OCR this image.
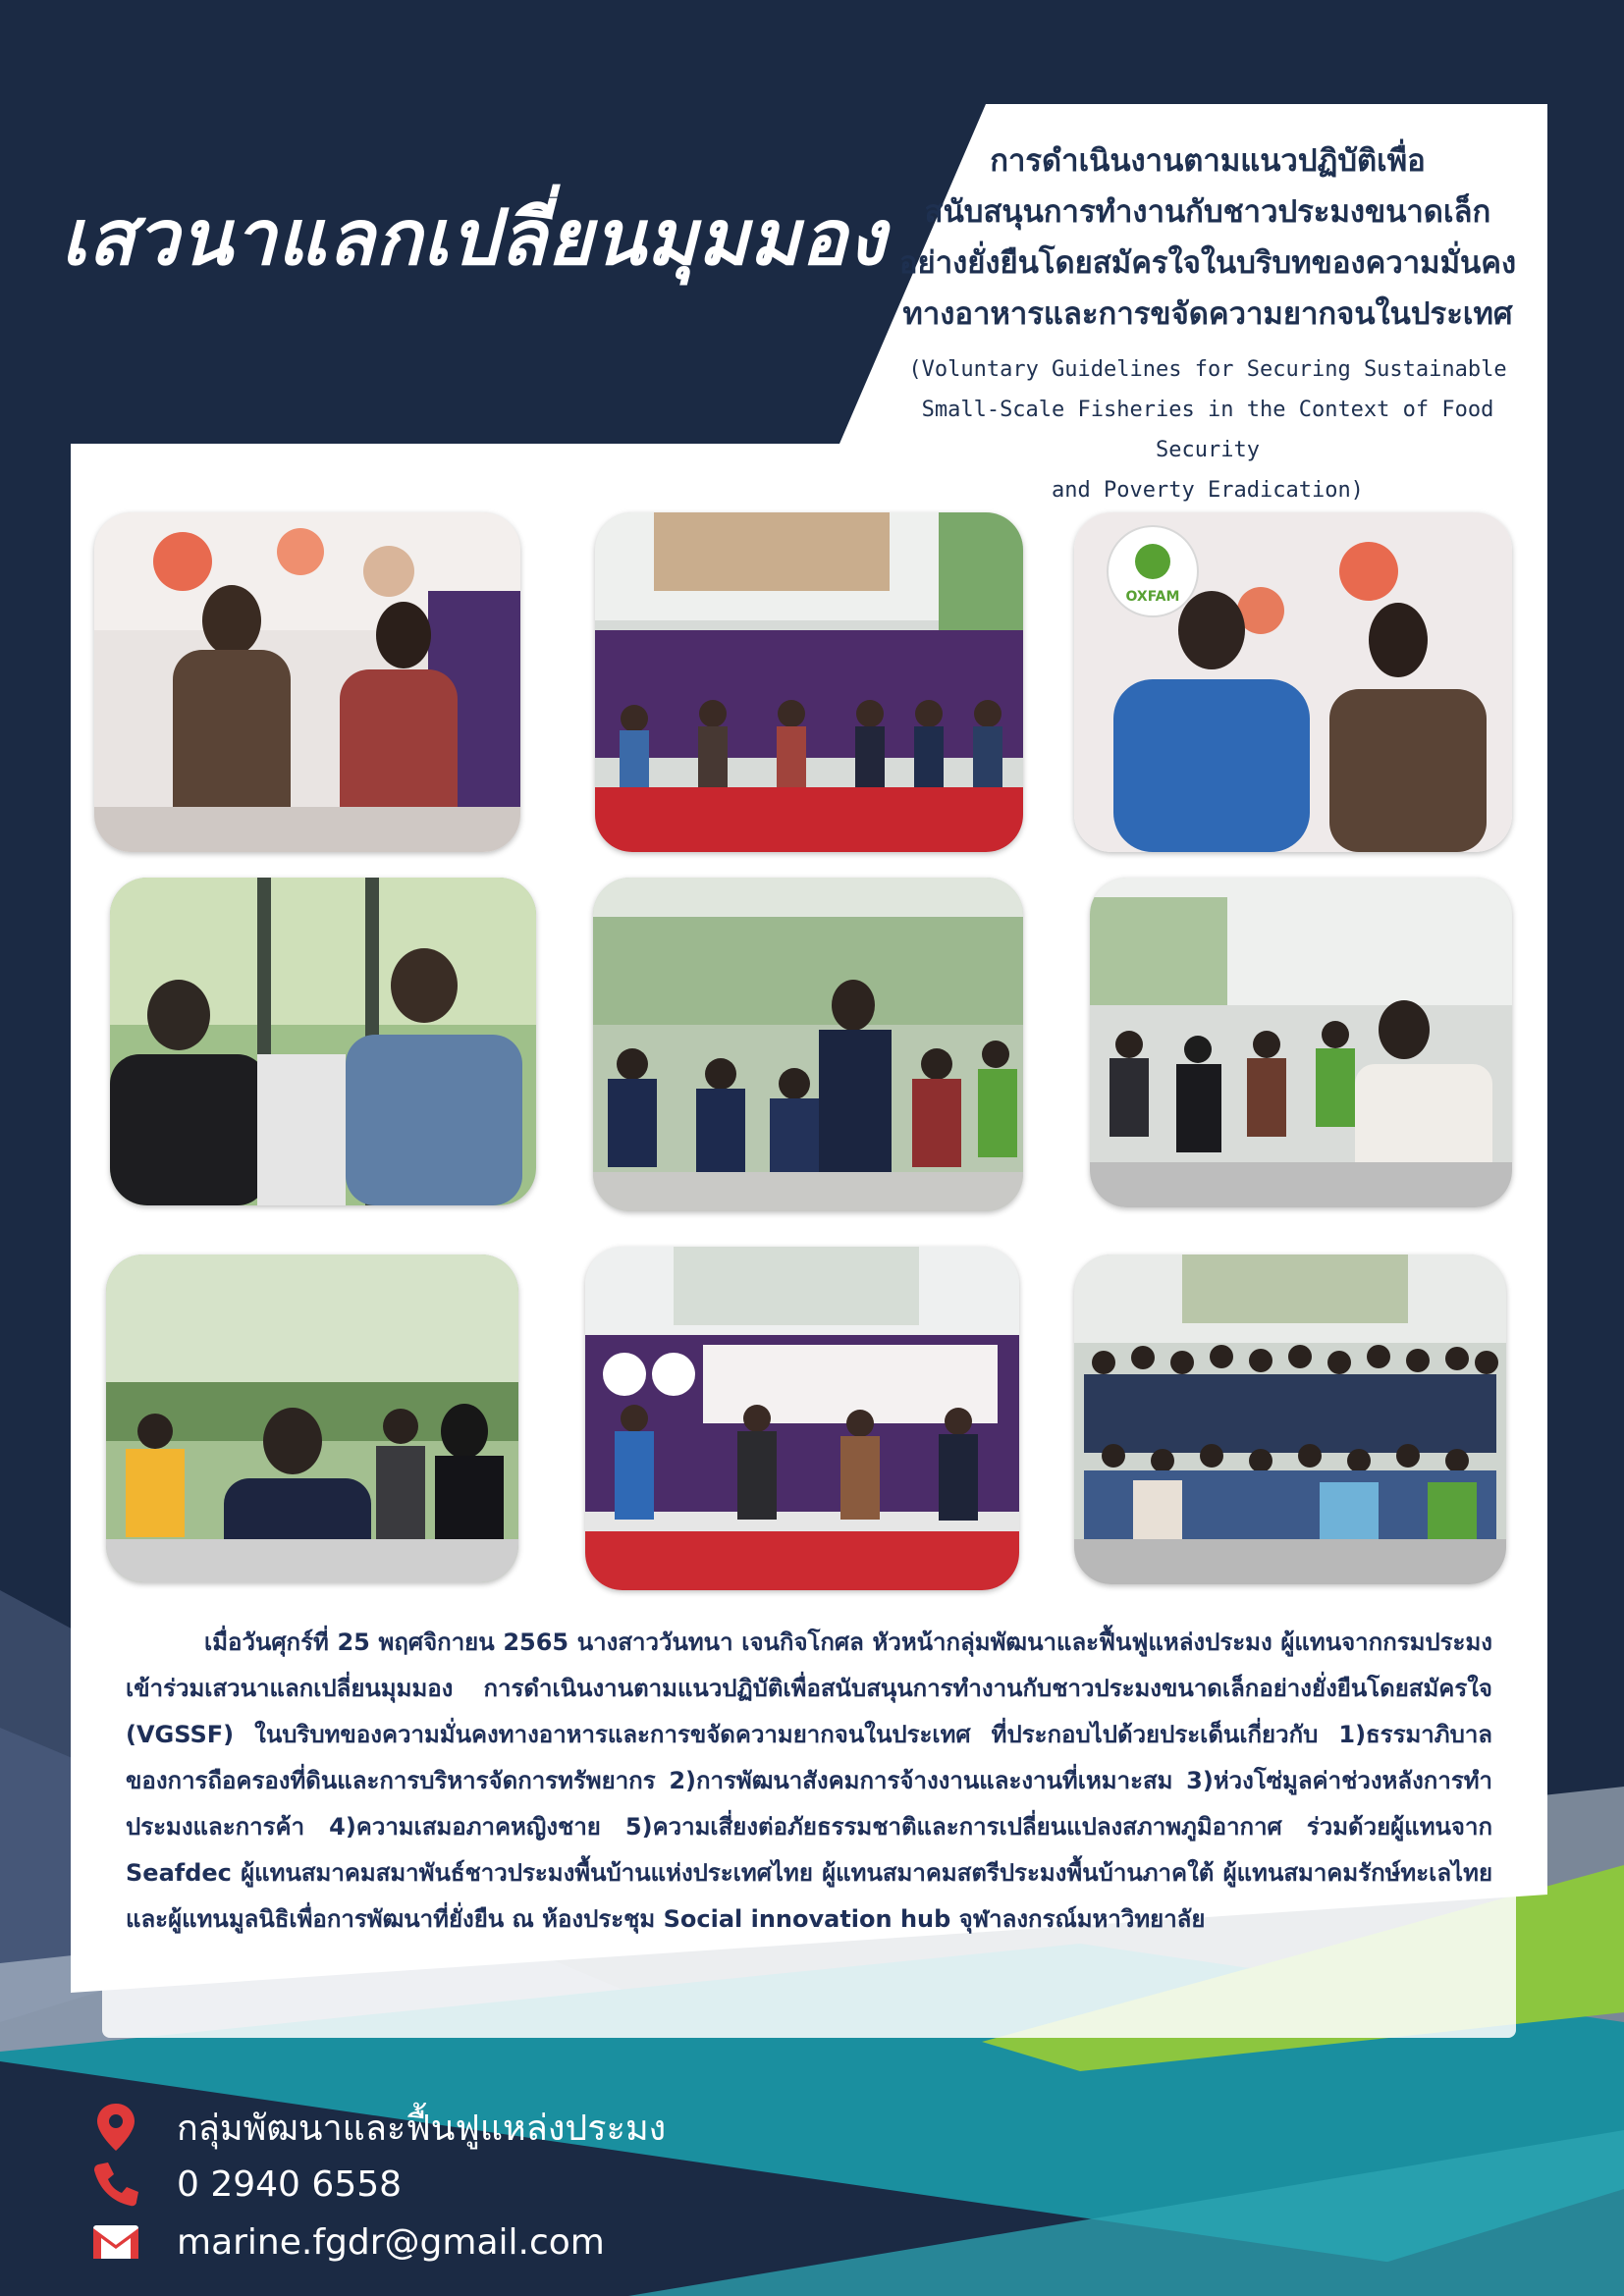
เสวนาแลกเปลี่ยนมุมมอง

การดำเนินงานตามแนวปฏิบัติเพื่อ

สนับสนุนการทำงานกับชาวประมงขนาดเล็ก

อย่างยั่งยืนโดยสมัครใจในบริบทของความมั่นคง

ทางอาหารและการขจัดความยากจนในประเทศ

(Voluntary Guidelines for Securing Sustainable

Small-Scale Fisheries in the Context of Food Security

and Poverty Eradication)

OXFAM

เมื่อวันศุกร์ที่ 25 พฤศจิกายน 2565 นางสาววันทนา เจนกิจโกศล หัวหน้ากลุ่มพัฒนาและฟื้นฟูแหล่งประมง ผู้แทนจากกรมประมง เข้าร่วมเสวนาแลกเปลี่ยนมุมมอง การดำเนินงานตามแนวปฏิบัติเพื่อสนับสนุนการทำงานกับชาวประมงขนาดเล็กอย่างยั่งยืนโดยสมัครใจ (VGSSF) ในบริบทของความมั่นคงทางอาหารและการขจัดความยากจนในประเทศ ที่ประกอบไปด้วยประเด็นเกี่ยวกับ 1)ธรรมาภิบาลของการถือครองที่ดินและการบริหารจัดการทรัพยากร 2)การพัฒนาสังคมการจ้างงานและงานที่เหมาะสม 3)ห่วงโซ่มูลค่าช่วงหลังการทำประมงและการค้า 4)ความเสมอภาคหญิงชาย 5)ความเสี่ยงต่อภัยธรรมชาติและการเปลี่ยนแปลงสภาพภูมิอากาศ ร่วมด้วยผู้แทนจาก Seafdec ผู้แทนสมาคมสมาพันธ์ชาวประมงพื้นบ้านแห่งประเทศไทย ผู้แทนสมาคมสตรีประมงพื้นบ้านภาคใต้ ผู้แทนสมาคมรักษ์ทะเลไทย และผู้แทนมูลนิธิเพื่อการพัฒนาที่ยั่งยืน ณ ห้องประชุม Social innovation hub จุฬาลงกรณ์มหาวิทยาลัย

กลุ่มพัฒนาและฟื้นฟูแหล่งประมง
0 2940 6558
marine.fgdr@gmail.com
